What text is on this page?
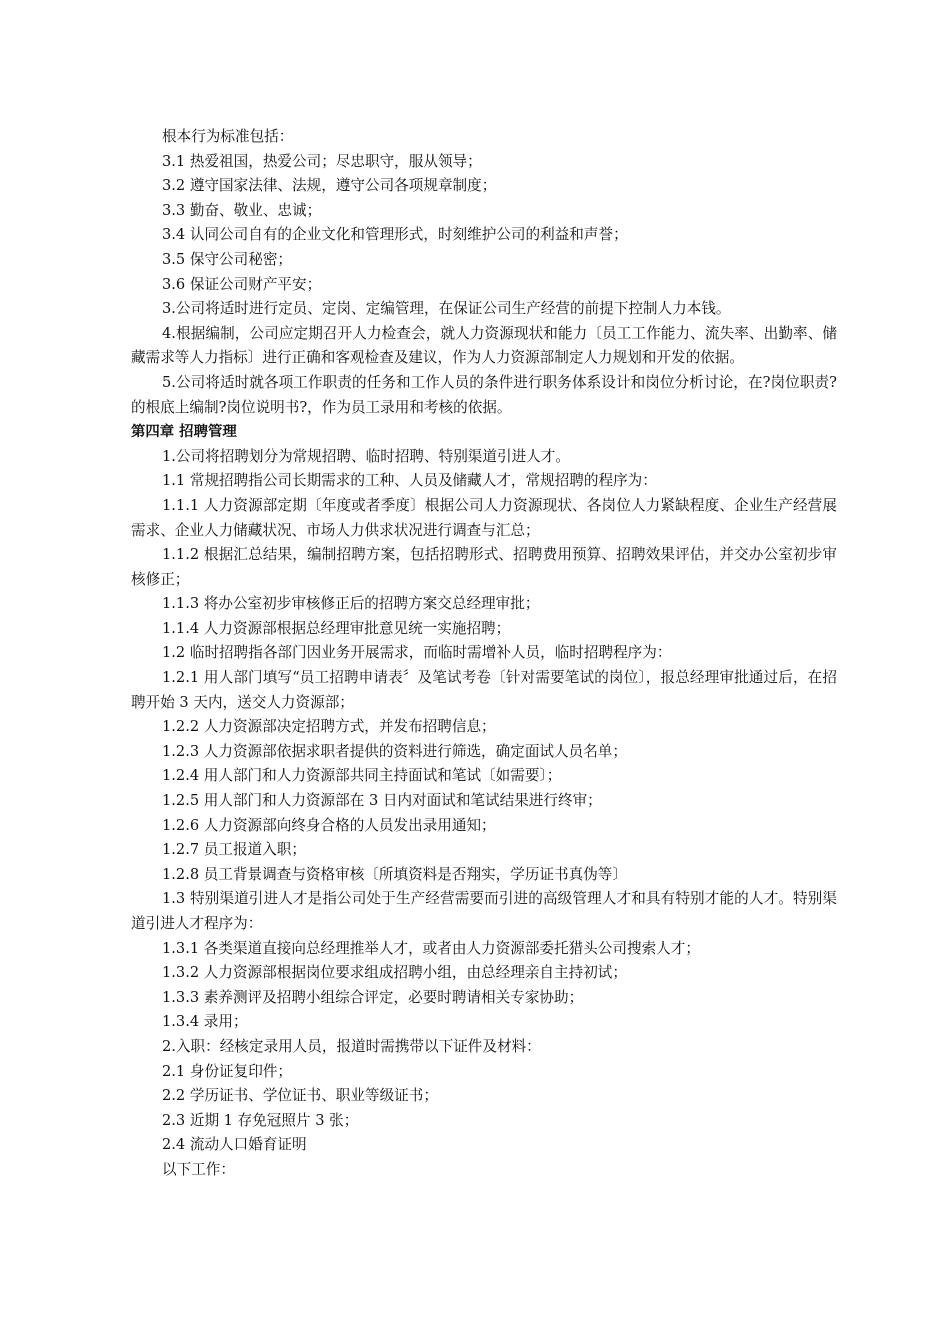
根本行为标准包括：

3.1 热爱祖国，热爱公司；尽忠职守，服从领导；

3.2 遵守国家法律、法规，遵守公司各项规章制度；

3.3 勤奋、敬业、忠诚；

3.4 认同公司自有的企业文化和管理形式，时刻维护公司的利益和声誉；

3.5 保守公司秘密；

3.6 保证公司财产平安；

3.公司将适时进行定员、定岗、定编管理，在保证公司生产经营的前提下控制人力本钱。

4.根据编制，公司应定期召开人力检查会，就人力资源现状和能力〔员工工作能力、流失率、出勤率、储藏需求等人力指标〕进行正确和客观检查及建议，作为人力资源部制定人力规划和开发的依据。

5.公司将适时就各项工作职责的任务和工作人员的条件进行职务体系设计和岗位分析讨论，在?岗位职责?的根底上编制?岗位说明书?，作为员工录用和考核的依据。

第四章 招聘管理

1.公司将招聘划分为常规招聘、临时招聘、特别渠道引进人才。

1.1 常规招聘指公司长期需求的工种、人员及储藏人才，常规招聘的程序为：

1.1.1 人力资源部定期〔年度或者季度〕根据公司人力资源现状、各岗位人力紧缺程度、企业生产经营展需求、企业人力储藏状况、市场人力供求状况进行调查与汇总；

1.1.2 根据汇总结果，编制招聘方案，包括招聘形式、招聘费用预算、招聘效果评估，并交办公室初步审核修正；

1.1.3 将办公室初步审核修正后的招聘方案交总经理审批；

1.1.4 人力资源部根据总经理审批意见统一实施招聘；

1.2 临时招聘指各部门因业务开展需求，而临时需增补人员，临时招聘程序为：

1.2.1 用人部门填写“员工招聘申请表〞及笔试考卷〔针对需要笔试的岗位〕，报总经理审批通过后，在招聘开始 3 天内，送交人力资源部；

1.2.2 人力资源部决定招聘方式，并发布招聘信息；

1.2.3 人力资源部依据求职者提供的资料进行筛选，确定面试人员名单；

1.2.4 用人部门和人力资源部共同主持面试和笔试〔如需要〕；

1.2.5 用人部门和人力资源部在 3 日内对面试和笔试结果进行终审；

1.2.6 人力资源部向终身合格的人员发出录用通知；

1.2.7 员工报道入职；

1.2.8 员工背景调查与资格审核〔所填资料是否翔实，学历证书真伪等〕

1.3 特别渠道引进人才是指公司处于生产经营需要而引进的高级管理人才和具有特别才能的人才。特别渠道引进人才程序为：

1.3.1 各类渠道直接向总经理推举人才，或者由人力资源部委托猎头公司搜索人才；

1.3.2 人力资源部根据岗位要求组成招聘小组，由总经理亲自主持初试；

1.3.3 素养测评及招聘小组综合评定，必要时聘请相关专家协助；

1.3.4 录用；

2.入职：经核定录用人员，报道时需携带以下证件及材料：

2.1 身份证复印件；

2.2 学历证书、学位证书、职业等级证书；

2.3 近期 1 存免冠照片 3 张；

2.4 流动人口婚育证明

以下工作：
